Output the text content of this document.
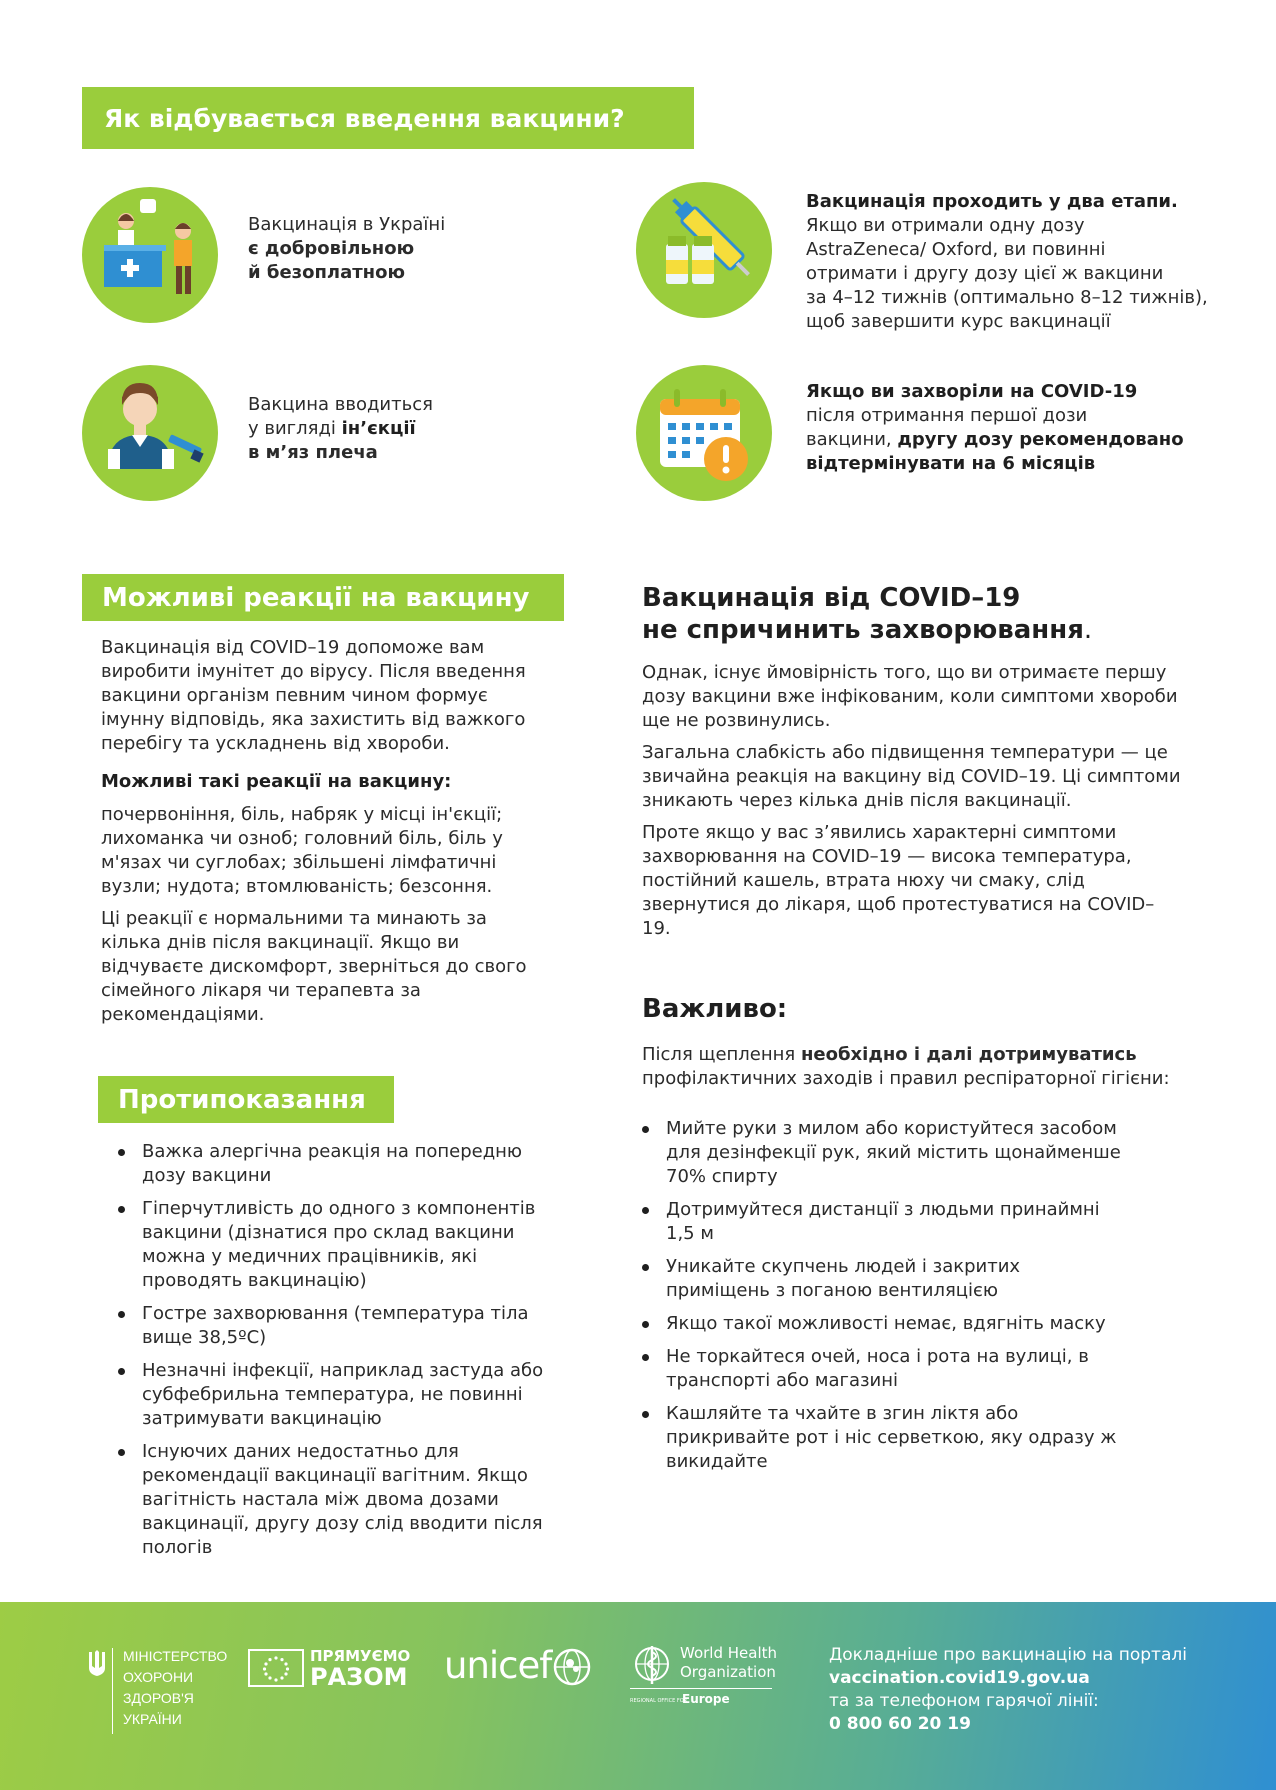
Як відбувається введення вакцини?
Вакцинація в Україні
є добровільною
й безоплатною
Вакцина вводиться
у вигляді ін’єкції
в м’яз плеча
Вакцинація проходить у два етапи.
Якщо ви отримали одну дозу
AstraZeneca/ Oxford, ви повинні
отримати і другу дозу цієї ж вакцини
за 4–12 тижнів (оптимально 8–12 тижнів),
щоб завершити курс вакцинації
Якщо ви захворіли на COVID-19
після отримання першої дози
вакцини, другу дозу рекомендовано
відтермінувати на 6 місяців
Можливі реакції на вакцину

Вакцинація від COVID–19 допоможе вам виробити імунітет до вірусу. Після введення вакцини організм певним чином формує імунну відповідь, яка захистить від важкого перебігу та ускладнень від хвороби.

Можливі такі реакції на вакцину:

почервоніння, біль, набряк у місці ін'єкції; лихоманка чи озноб; головний біль, біль у м'язах чи суглобах; збільшені лімфатичні вузли; нудота; втомлюваність; безсоння.

Ці реакції є нормальними та минають за кілька днів після вакцинації. Якщо ви відчуваєте дискомфорт, зверніться до свого сімейного лікаря чи терапевта за рекомендаціями.

Протипоказання
Важка алергічна реакція на попередню дозу вакцини
Гіперчутливість до одного з компонентів вакцини (дізнатися про склад вакцини можна у медичних працівників, які проводять вакцинацію)
Гостре захворювання (температура тіла вище 38,5ºC)
Незначні інфекції, наприклад застуда або субфебрильна температура, не повинні затримувати вакцинацію
Існуючих даних недостатньо для рекомендації вакцинації вагітним. Якщо вагітність настала між двома дозами вакцинації, другу дозу слід вводити після пологів
Вакцинація від COVID–19
не спричинить захворювання.

Однак, існує ймовірність того, що ви отримаєте першу дозу вакцини вже інфікованим, коли симптоми хвороби ще не розвинулись.

Загальна слабкість або підвищення температури — це звичайна реакція на вакцину від COVID–19. Ці симптоми зникають через кілька днів після вакцинації.

Проте якщо у вас з’явились характерні симптоми захворювання на COVID–19 — висока температура, постійний кашель, втрата нюху чи смаку, слід звернутися до лікаря, щоб протестуватися на COVID–19.

Важливо:
Після щеплення необхідно і далі дотримуватись профілактичних заходів і правил респіраторної гігієни:
Мийте руки з милом або користуйтеся засобом для дезінфекції рук, який містить щонайменше 70% спирту
Дотримуйтеся дистанції з людьми принаймні 1,5 м
Уникайте скупчень людей і закритих приміщень з поганою вентиляцією
Якщо такої можливості немає, вдягніть маску
Не торкайтеся очей, носа і рота на вулиці, в транспорті або магазині
Кашляйте та чхайте в згин ліктя або прикривайте рот і ніс серветкою, яку одразу ж викидайте
МІНІСТЕРСТВО
ОХОРОНИ
ЗДОРОВ'Я
УКРАЇНИ
ПРЯМУЄМО
РАЗОМ unicef	World Health
Organization
REGIONAL OFFICE FOR
Europe
Докладніше про вакцинацію на порталі
vaccination.covid19.gov.ua
та за телефоном гарячої лінії:
0 800 60 20 19
